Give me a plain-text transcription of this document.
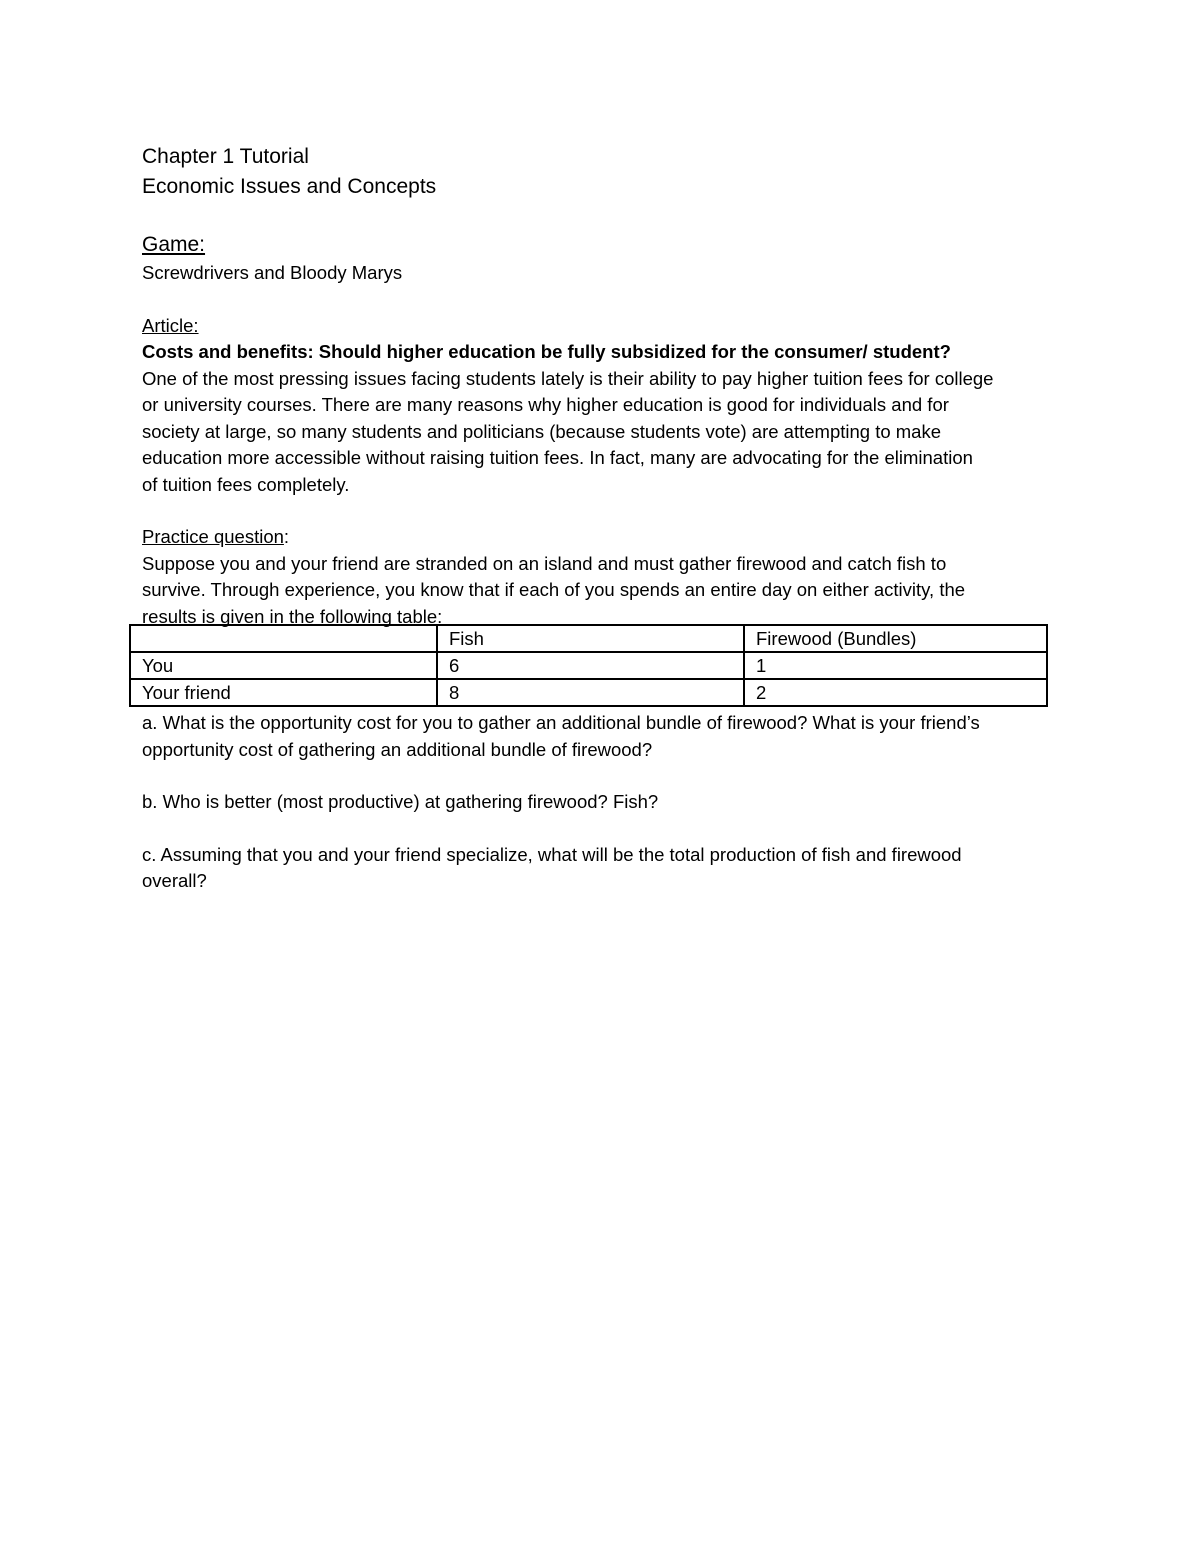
Chapter 1 Tutorial

Economic Issues and Concepts

Game:

Screwdrivers and Bloody Marys

Article:

Costs and benefits: Should higher education be fully subsidized for the consumer/ student?

One of the most pressing issues facing students lately is their ability to pay higher tuition fees for college

or university courses. There are many reasons why higher education is good for individuals and for

society at large, so many students and politicians (because students vote) are attempting to make

education more accessible without raising tuition fees. In fact, many are advocating for the elimination

of tuition fees completely.

Practice question:

Suppose you and your friend are stranded on an island and must gather firewood and catch fish to

survive. Through experience, you know that if each of you spends an entire day on either activity, the

results is given in the following table:

	Fish	Firewood (Bundles)
You	6	1
Your friend	8	2

a. What is the opportunity cost for you to gather an additional bundle of firewood? What is your friend’s

opportunity cost of gathering an additional bundle of firewood?

b. Who is better (most productive) at gathering firewood? Fish?

c. Assuming that you and your friend specialize, what will be the total production of fish and firewood

overall?
